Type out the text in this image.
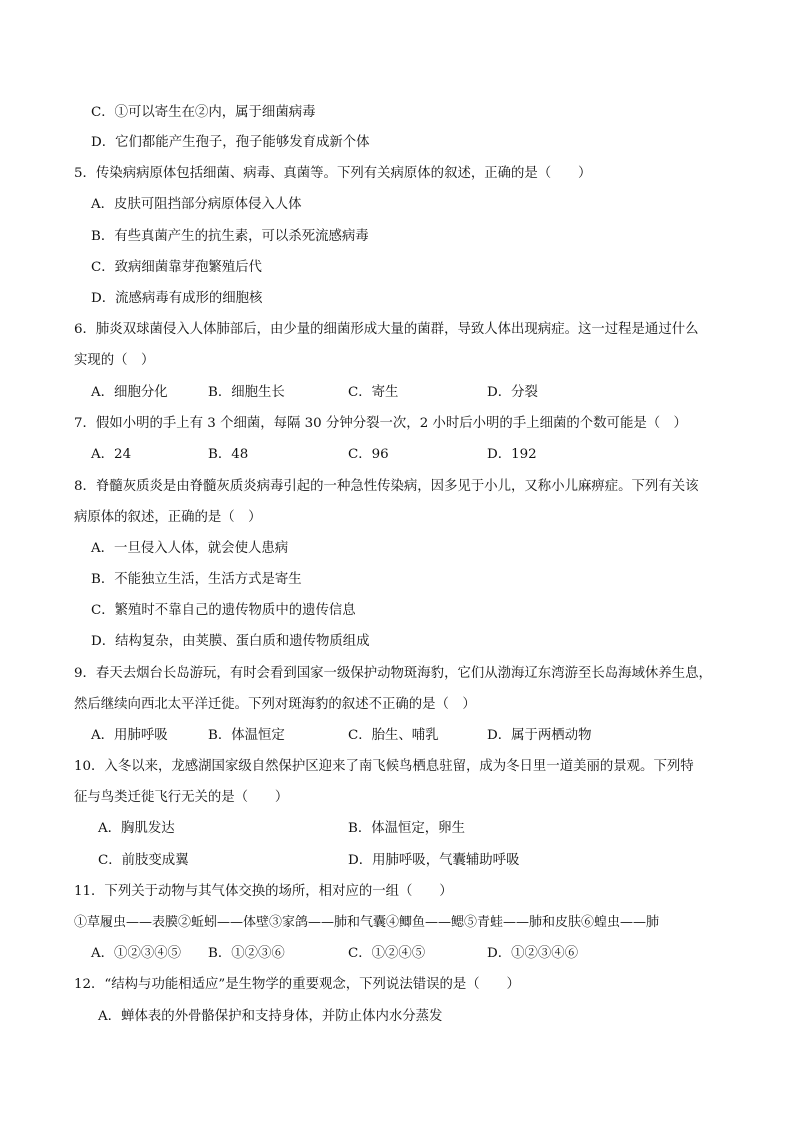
C．①可以寄生在②内，属于细菌病毒
D．它们都能产生孢子，孢子能够发育成新个体
5．传染病病原体包括细菌、病毒、真菌等。下列有关病原体的叙述，正确的是（　　）
A．皮肤可阻挡部分病原体侵入人体
B．有些真菌产生的抗生素，可以杀死流感病毒
C．致病细菌靠芽孢繁殖后代
D．流感病毒有成形的细胞核
6．肺炎双球菌侵入人体肺部后，由少量的细菌形成大量的菌群，导致人体出现病症。这一过程是通过什么
实现的（　）
A．细胞分化	B．细胞生长	C．寄生	D．分裂
7．假如小明的手上有 3 个细菌，每隔 30 分钟分裂一次，2 小时后小明的手上细菌的个数可能是（　）
A．24	B．48	C．96	D．192
8．脊髓灰质炎是由脊髓灰质炎病毒引起的一种急性传染病，因多见于小儿，又称小儿麻痹症。下列有关该
病原体的叙述，正确的是（　）
A．一旦侵入人体，就会使人患病
B．不能独立生活，生活方式是寄生
C．繁殖时不靠自己的遗传物质中的遗传信息
D．结构复杂，由荚膜、蛋白质和遗传物质组成
9．春天去烟台长岛游玩，有时会看到国家一级保护动物斑海豹，它们从渤海辽东湾游至长岛海域休养生息，
然后继续向西北太平洋迁徙。下列对斑海豹的叙述不正确的是（　）
A．用肺呼吸	B．体温恒定	C．胎生、哺乳	D．属于两栖动物
10．入冬以来，龙感湖国家级自然保护区迎来了南飞候鸟栖息驻留，成为冬日里一道美丽的景观。下列特
征与鸟类迁徙飞行无关的是（　　）
A．胸肌发达	B．体温恒定，卵生
C．前肢变成翼	D．用肺呼吸，气囊辅助呼吸
11．下列关于动物与其气体交换的场所，相对应的一组（　　）
①草履虫——表膜②蚯蚓——体壁③家鸽——肺和气囊④鲫鱼——鳃⑤青蛙——肺和皮肤⑥蝗虫——肺
A．①②③④⑤ B．①②③⑥	C．①②④⑤	D．①②③④⑥
12．“结构与功能相适应”是生物学的重要观念，下列说法错误的是（　　）
A．蝉体表的外骨骼保护和支持身体，并防止体内水分蒸发
